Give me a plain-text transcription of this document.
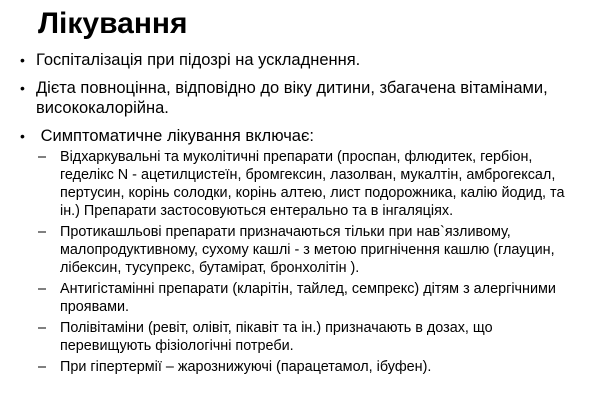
Лікування
• Госпіталізація при підозрі на ускладнення.
• Дієта повноцінна, відповідно до віку дитини, збагачена вітамінами, висококалорійна.
• Симптоматичне лікування включає:
– Відхаркувальні та муколітичні препарати (проспан, флюдитек, гербіон, геделікс N - ацетилцистеїн, бромгексин, лазолван, мукалтін, амброгексал, пертусин, корінь солодки, корінь алтею, лист подорожника, калію йодид, та ін.) Препарати застосовуються ентерально та в інгаляціях.
– Протикашльові препарати призначаються тільки при нав`язливому, малопродуктивному, сухому кашлі - з метою пригнічення кашлю (глауцин, лібексин, тусупрекс, бутамірат, бронхолітін ).
– Антигістамінні препарати (кларітін, тайлед, семпрекс) дітям з алергічними проявами.
– Полівітаміни (ревіт, олівіт, пікавіт та ін.) призначають в дозах, що перевищують фізіологічні потреби.
– При гіпертермії – жарознижуючі (парацетамол, ібуфен).
